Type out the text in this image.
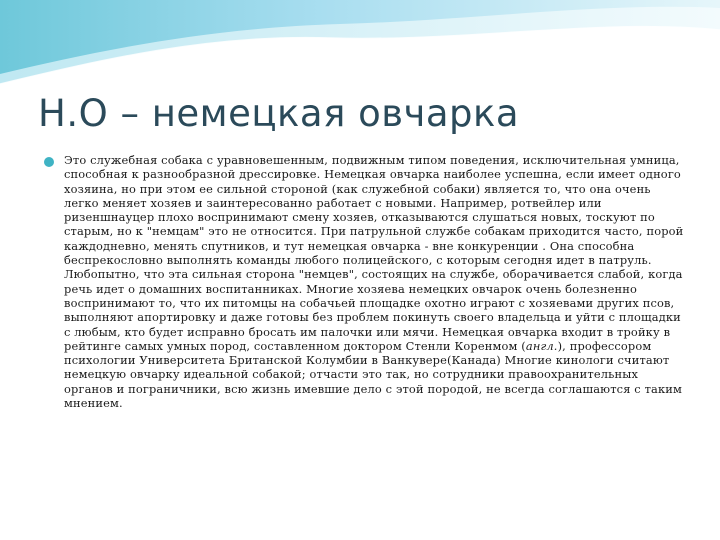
Н.О – немецкая овчарка

Это служебная собака с уравновешенным, подвижным типом поведения, исключительная умница, способная к разнообразной дрессировке. Немецкая овчарка наиболее успешна, если имеет одного хозяина, но при этом ее сильной стороной (как служебной собаки) является то, что она очень легко меняет хозяев и заинтересованно работает с новыми. Например, ротвейлер или ризеншнауцер плохо воспринимают смену хозяев, отказываются слушаться новых, тоскуют по старым, но к "немцам" это не относится. При патрульной службе собакам приходится часто, порой каждодневно, менять спутников, и тут немецкая овчарка - вне конкуренции . Она способна беспрекословно выполнять команды любого полицейского, с которым сегодня идет в патруль. Любопытно, что эта сильная сторона "немцев", состоящих на службе, оборачивается слабой, когда речь идет о домашних воспитанниках. Многие хозяева немецких овчарок очень болезненно воспринимают то, что их питомцы на собачьей площадке охотно играют с хозяевами других псов, выполняют апортировку и даже готовы без проблем покинуть своего владельца и уйти с площадки с любым, кто будет исправно бросать им палочки или мячи. Немецкая овчарка входит в тройку в рейтинге самых умных пород, составленном доктором Стенли Коренмом (англ.), профессором психологии Университета Британской Колумбии в Ванкувере(Канада) Многие кинологи считают немецкую овчарку идеальной собакой; отчасти это так, но сотрудники правоохранительных органов и пограничники, всю жизнь имевшие дело с этой породой, не всегда соглашаются с таким мнением.
